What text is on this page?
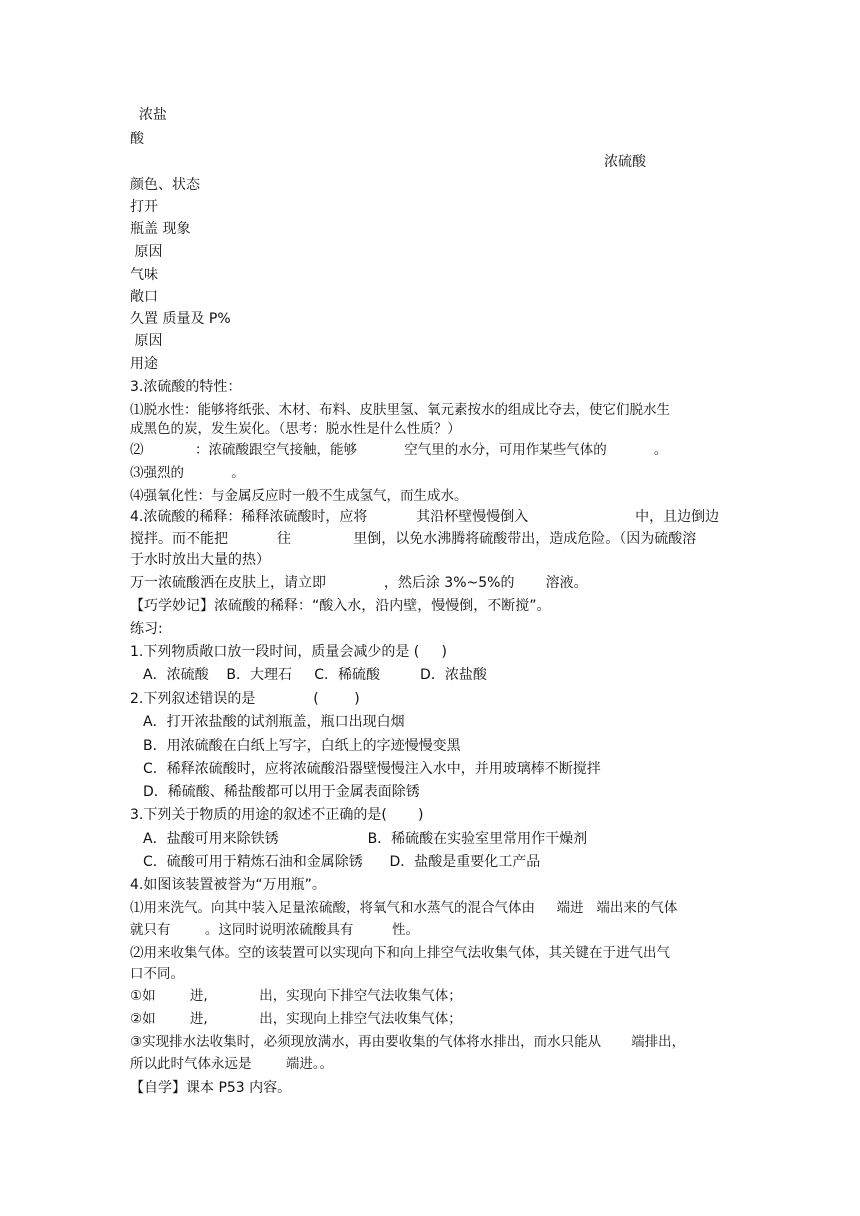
浓盐
酸
浓硫酸
颜色、状态
打开
瓶盖 现象
原因
气味
敞口
久置 质量及 P%
原因
用途
3.浓硫酸的特性：
⑴脱水性：能够将纸张、木材、布料、皮肤里氢、氧元素按水的组成比夺去，使它们脱水生
成黑色的炭，发生炭化。（思考：脱水性是什么性质？）
⑵            ：浓硫酸跟空气接触，能够           空气里的水分，可用作某些气体的           。
⑶强烈的           。
⑷强氧化性：与金属反应时一般不生成氢气，而生成水。
4.浓硫酸的稀释：稀释浓硫酸时，应将           其沿杯壁慢慢倒入                        中，且边倒边
搅拌。而不能把           往              里倒，以免水沸腾将硫酸带出，造成危险。（因为硫酸溶
于水时放出大量的热）
万一浓硫酸洒在皮肤上，请立即             ，然后涂 3%~5%的       溶液。
【巧学妙记】浓硫酸的稀释：“酸入水，沿内壁，慢慢倒，不断搅”。
练习:
1.下列物质敞口放一段时间，质量会减少的是 (     )
A．浓硫酸    B．大理石     C．稀硫酸         D．浓盐酸
2.下列叙述错误的是             (        )
A．打开浓盐酸的试剂瓶盖，瓶口出现白烟
B．用浓硫酸在白纸上写字，白纸上的字迹慢慢变黑
C．稀释浓硫酸时，应将浓硫酸沿器壁慢慢注入水中，并用玻璃棒不断搅拌
D．稀硫酸、稀盐酸都可以用于金属表面除锈
3.下列关于物质的用途的叙述不正确的是(       )
A．盐酸可用来除铁锈                    B．稀硫酸在实验室里常用作干燥剂
C．硫酸可用于精炼石油和金属除锈      D．盐酸是重要化工产品
4.如图该装置被誉为“万用瓶”。
⑴用来洗气。向其中装入足量浓硫酸，将氧气和水蒸气的混合气体由     端进   端出来的气体
就只有        。这同时说明浓硫酸具有         性。
⑵用来收集气体。空的该装置可以实现向下和向上排空气法收集气体，其关键在于进气出气
口不同。
①如        进,            出，实现向下排空气法收集气体；
②如        进,            出，实现向上排空气法收集气体；
③实现排水法收集时，必须现放满水，再由要收集的气体将水排出，而水只能从       端排出，
所以此时气体永远是        端进。。
【自学】课本 P53 内容。
